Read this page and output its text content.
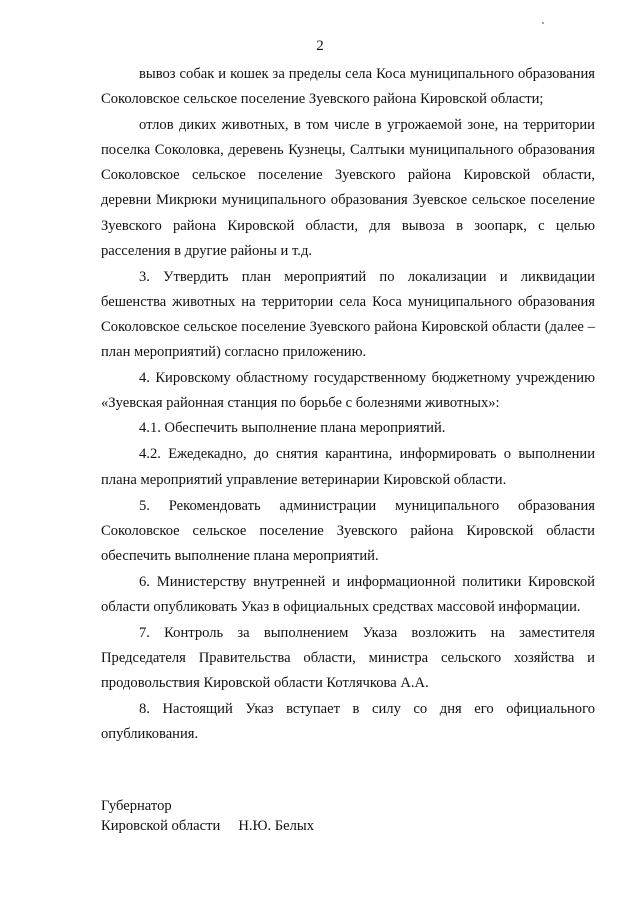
2

вывоз собак и кошек за пределы села Коса муниципального образования Соколовское сельское поселение Зуевского района Кировской области;

отлов диких животных, в том числе в угрожаемой зоне, на территории поселка Соколовка, деревень Кузнецы, Салтыки муниципального образования Соколовское сельское поселение Зуевского района Кировской области, деревни Микрюки муниципального образования Зуевское сельское поселение Зуевского района Кировской области, для вывоза в зоопарк, с целью расселения в другие районы и т.д.

3. Утвердить план мероприятий по локализации и ликвидации бешенства животных на территории села Коса муниципального образования Соколовское сельское поселение Зуевского района Кировской области (далее – план мероприятий) согласно приложению.

4. Кировскому областному государственному бюджетному учреждению «Зуевская районная станция по борьбе с болезнями животных»:

4.1. Обеспечить выполнение плана мероприятий.

4.2. Ежедекадно, до снятия карантина, информировать о выполнении плана мероприятий управление ветеринарии Кировской области.

5. Рекомендовать администрации муниципального образования Соколовское сельское поселение Зуевского района Кировской области обеспечить выполнение плана мероприятий.

6. Министерству внутренней и информационной политики Кировской области опубликовать Указ в официальных средствах массовой информации.

7. Контроль за выполнением Указа возложить на заместителя Председателя Правительства области, министра сельского хозяйства и продовольствия Кировской области Котлячкова А.А.

8. Настоящий Указ вступает в силу со дня его официального опубликования.

Губернатор
Кировской области Н.Ю. Белых
